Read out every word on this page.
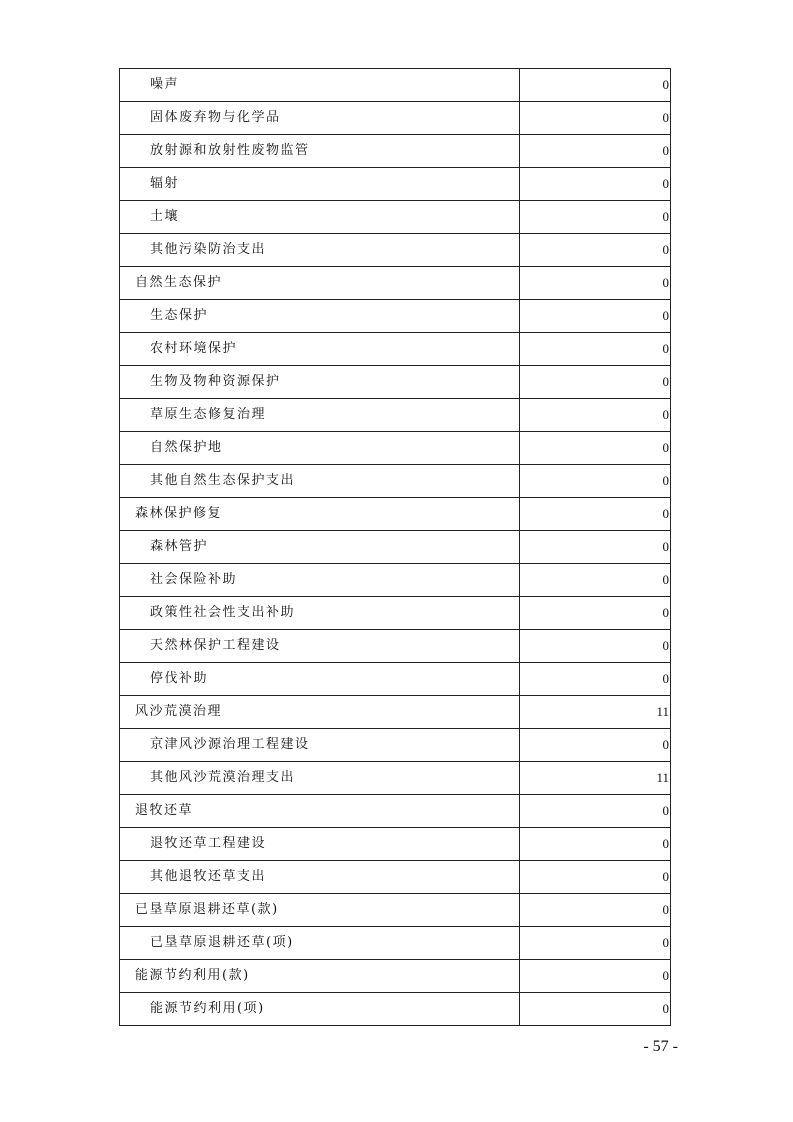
噪声	0
固体废弃物与化学品	0
放射源和放射性废物监管	0
辐射	0
土壤	0
其他污染防治支出	0
自然生态保护	0
生态保护	0
农村环境保护	0
生物及物种资源保护	0
草原生态修复治理	0
自然保护地	0
其他自然生态保护支出	0
森林保护修复	0
森林管护	0
社会保险补助	0
政策性社会性支出补助	0
天然林保护工程建设	0
停伐补助	0
风沙荒漠治理	11
京津风沙源治理工程建设	0
其他风沙荒漠治理支出	11
退牧还草	0
退牧还草工程建设	0
其他退牧还草支出	0
已垦草原退耕还草(款)	0
已垦草原退耕还草(项)	0
能源节约利用(款)	0
能源节约利用(项)	0
- 57 -
